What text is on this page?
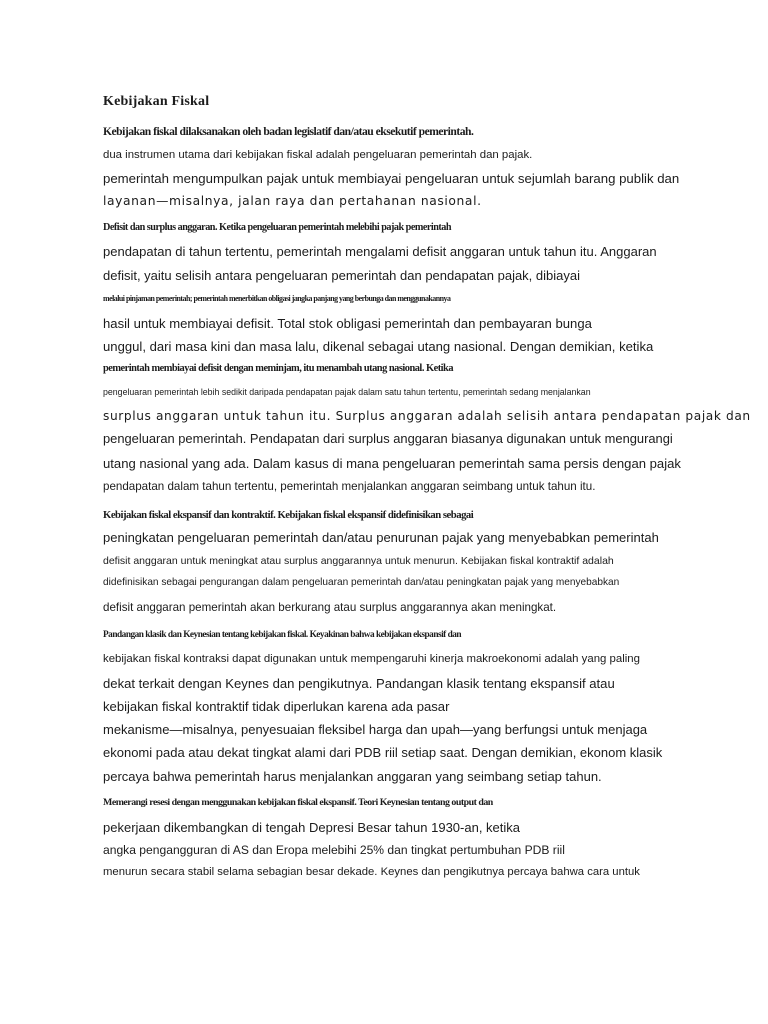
Kebijakan Fiskal

Kebijakan fiskal dilaksanakan oleh badan legislatif dan/atau eksekutif pemerintah.

dua instrumen utama dari kebijakan fiskal adalah pengeluaran pemerintah dan pajak.

pemerintah mengumpulkan pajak untuk membiayai pengeluaran untuk sejumlah barang publik dan

layanan—misalnya, jalan raya dan pertahanan nasional.

Defisit dan surplus anggaran. Ketika pengeluaran pemerintah melebihi pajak pemerintah

pendapatan di tahun tertentu, pemerintah mengalami defisit anggaran untuk tahun itu. Anggaran

defisit, yaitu selisih antara pengeluaran pemerintah dan pendapatan pajak, dibiayai

melalui pinjaman pemerintah; pemerintah menerbitkan obligasi jangka panjang yang berbunga dan menggunakannya

hasil untuk membiayai defisit. Total stok obligasi pemerintah dan pembayaran bunga

unggul, dari masa kini dan masa lalu, dikenal sebagai utang nasional. Dengan demikian, ketika

pemerintah membiayai defisit dengan meminjam, itu menambah utang nasional. Ketika

pengeluaran pemerintah lebih sedikit daripada pendapatan pajak dalam satu tahun tertentu, pemerintah sedang menjalankan

surplus anggaran untuk tahun itu. Surplus anggaran adalah selisih antara pendapatan pajak dan

pengeluaran pemerintah. Pendapatan dari surplus anggaran biasanya digunakan untuk mengurangi

utang nasional yang ada. Dalam kasus di mana pengeluaran pemerintah sama persis dengan pajak

pendapatan dalam tahun tertentu, pemerintah menjalankan anggaran seimbang untuk tahun itu.

Kebijakan fiskal ekspansif dan kontraktif. Kebijakan fiskal ekspansif didefinisikan sebagai

peningkatan pengeluaran pemerintah dan/atau penurunan pajak yang menyebabkan pemerintah

defisit anggaran untuk meningkat atau surplus anggarannya untuk menurun. Kebijakan fiskal kontraktif adalah

didefinisikan sebagai pengurangan dalam pengeluaran pemerintah dan/atau peningkatan pajak yang menyebabkan

defisit anggaran pemerintah akan berkurang atau surplus anggarannya akan meningkat.

Pandangan klasik dan Keynesian tentang kebijakan fiskal. Keyakinan bahwa kebijakan ekspansif dan

kebijakan fiskal kontraksi dapat digunakan untuk mempengaruhi kinerja makroekonomi adalah yang paling

dekat terkait dengan Keynes dan pengikutnya. Pandangan klasik tentang ekspansif atau

kebijakan fiskal kontraktif tidak diperlukan karena ada pasar

mekanisme—misalnya, penyesuaian fleksibel harga dan upah—yang berfungsi untuk menjaga

ekonomi pada atau dekat tingkat alami dari PDB riil setiap saat. Dengan demikian, ekonom klasik

percaya bahwa pemerintah harus menjalankan anggaran yang seimbang setiap tahun.

Memerangi resesi dengan menggunakan kebijakan fiskal ekspansif. Teori Keynesian tentang output dan

pekerjaan dikembangkan di tengah Depresi Besar tahun 1930-an, ketika

angka pengangguran di AS dan Eropa melebihi 25% dan tingkat pertumbuhan PDB riil

menurun secara stabil selama sebagian besar dekade. Keynes dan pengikutnya percaya bahwa cara untuk
